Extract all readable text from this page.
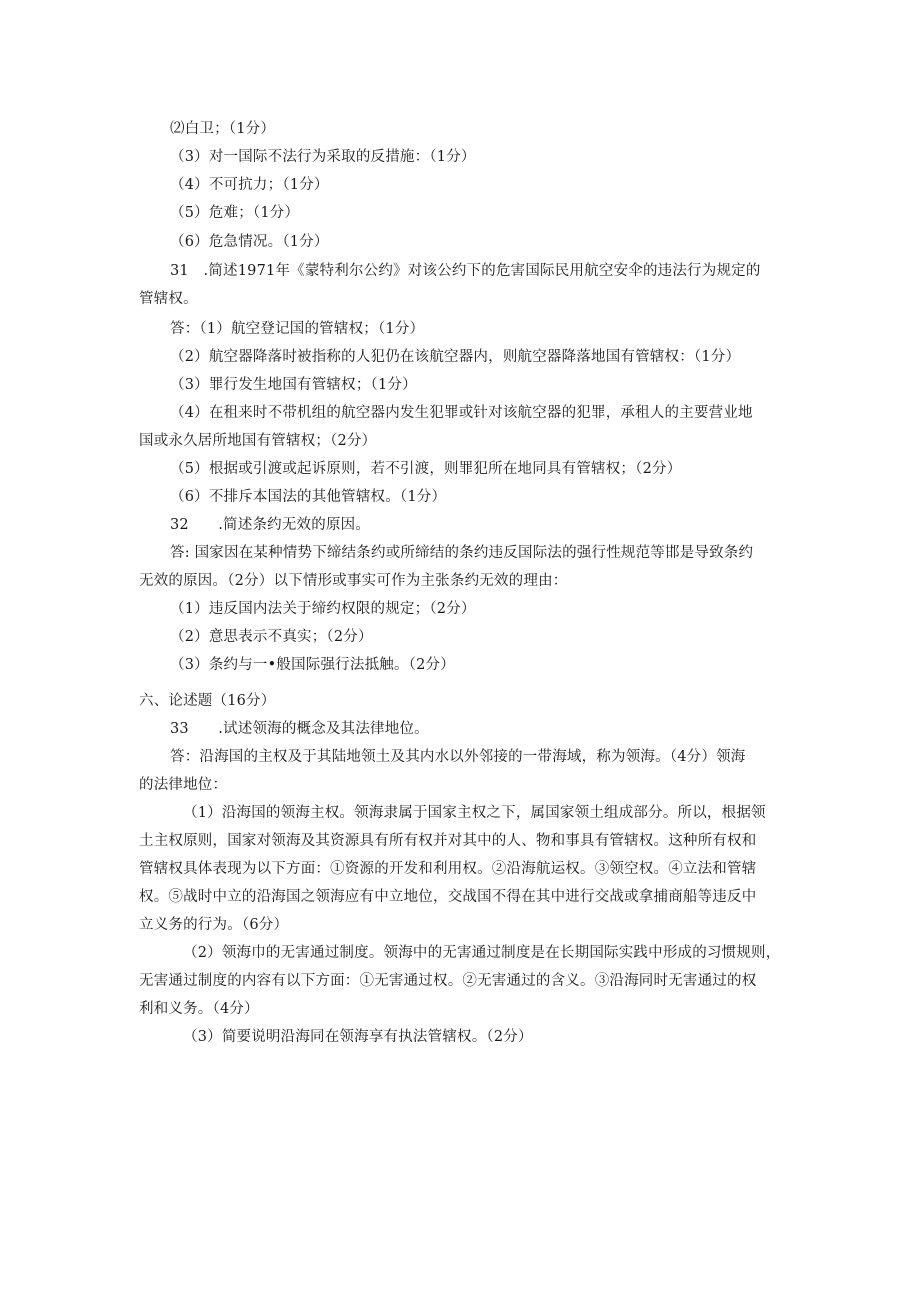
⑵白卫；（1分）
（3）对一国际不法行为采取的反措施：（1分）
（4）不可抗力；（1分）
（5）危难；（1分）
（6）危急情况。（1分）
31　.简述1971年《蒙特利尔公约》对该公约下的危害国际民用航空安伞的违法行为规定的
管辖权。
答：（1）航空登记国的管辖权；（1分）
（2）航空器降落时被指称的人犯仍在该航空器内，则航空器降落地国有管辖权：（1分）
（3）罪行发生地国有管辖权；（1分）
（4）在租来时不带机组的航空器内发生犯罪或针对该航空器的犯罪，承租人的主要营业地
国或永久居所地国有管辖权；（2分）
（5）根据或引渡或起诉原则，若不引渡，则罪犯所在地同具有管辖权；（2分）
（6）不排斥本国法的其他管辖权。（1分）
32　　.简述条约无效的原因。
答: 国家因在某种情势下缔结条约或所缔结的条约违反国际法的强行性规范等邯是导致条约
无效的原因。（2分）以下情形或事实可作为主张条约无效的理由：
（1）违反国内法关于缔约权限的规定；（2分）
（2）意思表示不真实；（2分）
（3）条约与一•般国际强行法抵触。（2分）
六、论述题（16分）
33　　.试述领海的概念及其法律地位。
答：沿海国的主权及于其陆地领土及其内水以外邻接的一带海域，称为领海。（4分）领海
的法律地位：
（1）沿海国的领海主权。领海隶属于国家主权之下，属国家领土组成部分。所以，根据领
土主权原则，国家对领海及其资源具有所有权并对其中的人、物和事具有管辖权。这种所有权和
管辖权具体表现为以下方面：①资源的开发和利用权。②沿海航运权。③领空权。④立法和管辖
权。⑤战时中立的沿海国之领海应有中立地位，交战国不得在其中进行交战或拿捕商船等违反中
立义务的行为。（6分）
（2）领海巾的无害通过制度。领海中的无害通过制度是在长期国际实践中形成的习惯规则，
无害通过制度的内容有以下方面：①无害通过权。②无害通过的含义。③沿海同时无害通过的权
利和义务。（4分）
（3）简要说明沿海同在领海享有执法管辖权。（2分）
